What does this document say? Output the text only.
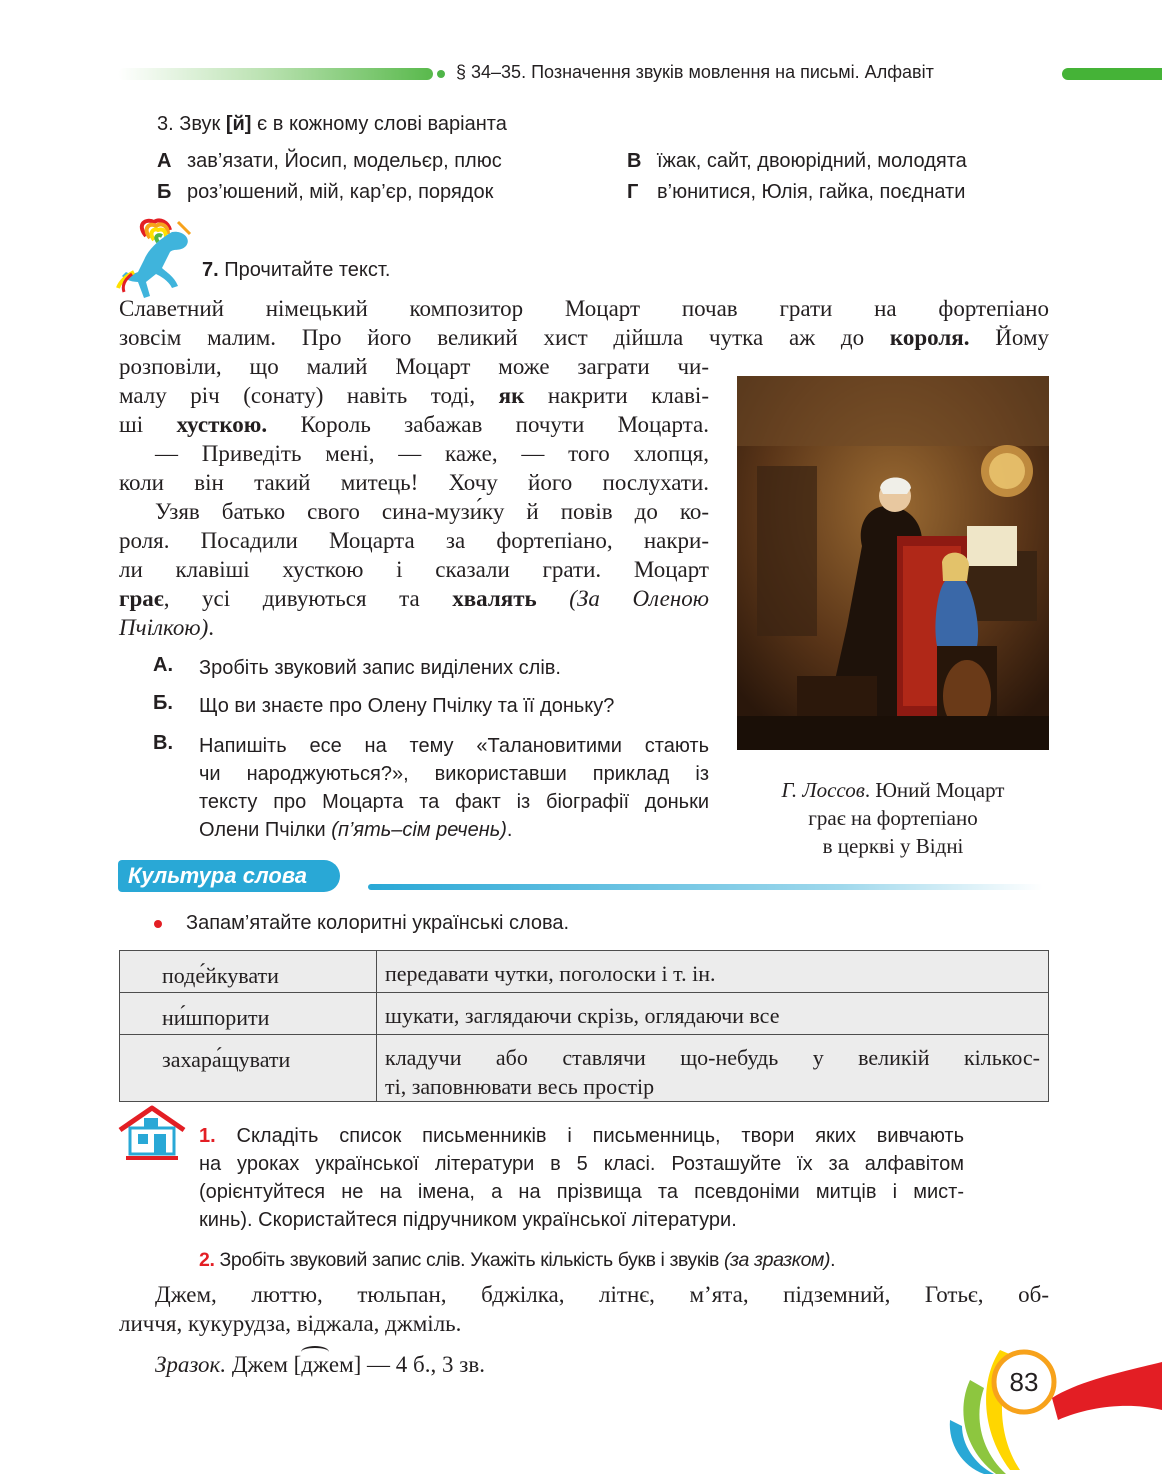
§ 34–35. Позначення звуків мовлення на письмі. Алфавіт
3. Звук [й] є в кожному слові варіанта
А зав’язати, Йосип, модельєр, плюс
Б роз’юшений, мій, кар’єр, порядок
В їжак, сайт, двоюрідний, молодята
Г в’юнитися, Юлія, гайка, поєднати
7. Прочитайте текст.
Славетний німецький композитор Моцарт почав грати на фортепіано
зовсім малим. Про його великий хист дійшла чутка аж до короля. Йому
розповіли, що малий Моцарт може заграти чи-
малу річ (сонату) навіть тоді, як накрити клаві-
ші хусткою. Король забажав почути Моцарта.
— Приведіть мені, — каже, — того хлопця,
коли він такий митець! Хочу його послухати.
Узяв батько свого сина-музи́ку й повів до ко-
роля. Посадили Моцарта за фортепіано, накри-
ли клавіші хусткою і сказали грати. Моцарт
грає, усі дивуються та хвалять (За Оленою
Пчілкою).
Г. Лоссов. Юний Моцарт
грає на фортепіано
в церкві у Відні
А. Зробіть звуковий запис виділених слів.
Б. Що ви знаєте про Олену Пчілку та її доньку?
В. Напишіть есе на тему «Талановитими стають
чи народжуються?», використавши приклад із
тексту про Моцарта та факт із біографії доньки
Олени Пчілки (п’ять–сім речень).
Культура слова
Запам’ятайте колоритні українські слова.
поде́йкувати	передавати чутки, поголоски і т. ін.
ни́шпорити	шукати, заглядаючи скрізь, оглядаючи все
захара́щувати	кладучи або ставлячи що-небудь у великій кількос-
ті, заповнювати весь простір
1. Складіть список письменників і письменниць, твори яких вивчають
на уроках української літератури в 5 класі. Розташуйте їх за алфавітом
(орієнтуйтеся не на імена, а на прізвища та псевдоніми митців і мист-
кинь). Скористайтеся підручником української літератури.
2. Зробіть звуковий запис слів. Укажіть кількість букв і звуків (за зразком).
Джем, люттю, тюльпан, бджілка, літнє, м’ята, підземний, Готьє, об-
личчя, кукурудза, віджала, джміль.
Зразок. Джем [
джем] — 4 б., 3 зв.
83
